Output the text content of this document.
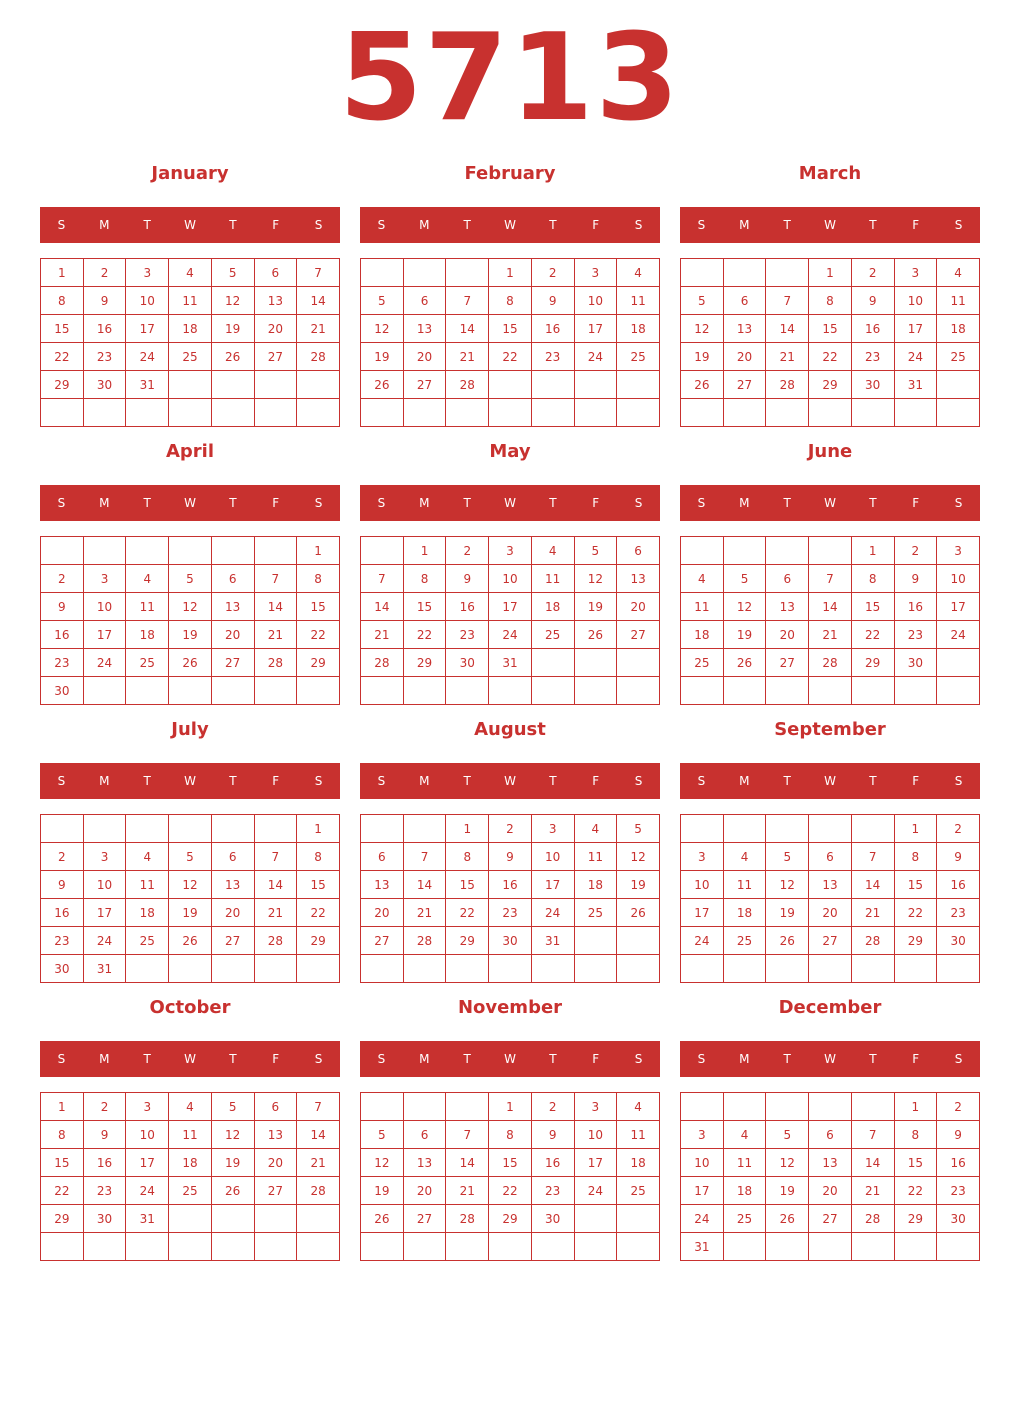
5713
January
S	M	T	W	T	F	S
1	2	3	4	5	6	7
8	9	10	11	12	13	14
15	16	17	18	19	20	21
22	23	24	25	26	27	28
29	30	31				

February
S	M	T	W	T	F	S
			1	2	3	4
5	6	7	8	9	10	11
12	13	14	15	16	17	18
19	20	21	22	23	24	25
26	27	28				

March
S	M	T	W	T	F	S
			1	2	3	4
5	6	7	8	9	10	11
12	13	14	15	16	17	18
19	20	21	22	23	24	25
26	27	28	29	30	31	

April
S	M	T	W	T	F	S
						1
2	3	4	5	6	7	8
9	10	11	12	13	14	15
16	17	18	19	20	21	22
23	24	25	26	27	28	29
30						
May
S	M	T	W	T	F	S
	1	2	3	4	5	6
7	8	9	10	11	12	13
14	15	16	17	18	19	20
21	22	23	24	25	26	27
28	29	30	31			

June
S	M	T	W	T	F	S
				1	2	3
4	5	6	7	8	9	10
11	12	13	14	15	16	17
18	19	20	21	22	23	24
25	26	27	28	29	30	

July
S	M	T	W	T	F	S
						1
2	3	4	5	6	7	8
9	10	11	12	13	14	15
16	17	18	19	20	21	22
23	24	25	26	27	28	29
30	31					
August
S	M	T	W	T	F	S
		1	2	3	4	5
6	7	8	9	10	11	12
13	14	15	16	17	18	19
20	21	22	23	24	25	26
27	28	29	30	31		

September
S	M	T	W	T	F	S
					1	2
3	4	5	6	7	8	9
10	11	12	13	14	15	16
17	18	19	20	21	22	23
24	25	26	27	28	29	30

October
S	M	T	W	T	F	S
1	2	3	4	5	6	7
8	9	10	11	12	13	14
15	16	17	18	19	20	21
22	23	24	25	26	27	28
29	30	31				

November
S	M	T	W	T	F	S
			1	2	3	4
5	6	7	8	9	10	11
12	13	14	15	16	17	18
19	20	21	22	23	24	25
26	27	28	29	30		

December
S	M	T	W	T	F	S
					1	2
3	4	5	6	7	8	9
10	11	12	13	14	15	16
17	18	19	20	21	22	23
24	25	26	27	28	29	30
31						
